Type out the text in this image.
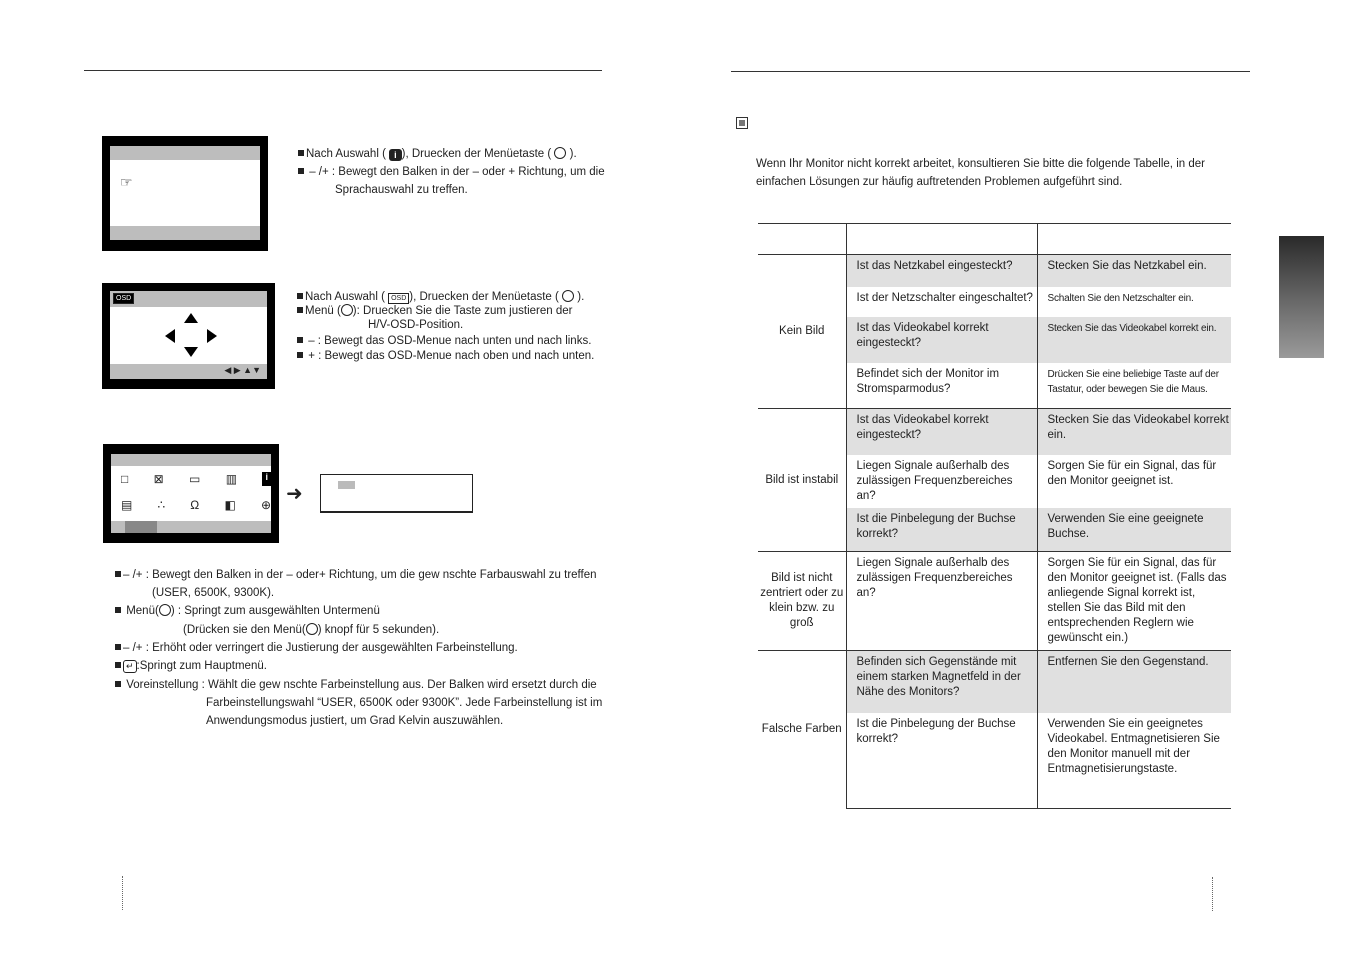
☞
Nach Auswahl ( i ), Druecken der Menüetaste ( ).
– /+ : Bewegt den Balken in der – oder + Richtung, um die
Sprachauswahl zu treffen.
OSD
◀ ▶ ▲▼
Nach Auswahl ( OSD ), Druecken der Menüetaste ( ).
Menü ( ): Druecken Sie die Taste zum justieren der
H/V-OSD-Position.
– : Bewegt das OSD-Menue nach unten und nach links.
+ : Bewegt das OSD-Menue nach oben und nach unten.
□ ⊠ ▭ ▥	i
▤ ∴ Ω ◧ ⊕ ➜
– /+ : Bewegt den Balken in der – oder+ Richtung, um die gew nschte Farbauswahl zu treffen
(USER, 6500K, 9300K).
Menü( ) : Springt zum ausgewählten Untermenü
(Drücken sie den Menü( ) knopf für 5 sekunden).
– /+ : Erhöht oder verringert die Justierung der ausgewählten Farbeinstellung.
↵ :Springt zum Hauptmenü.
Voreinstellung : Wählt die gew nschte Farbeinstellung aus. Der Balken wird ersetzt durch die
Farbeinstellungswahl “USER, 6500K oder 9300K”. Jede Farbeinstellung ist im
Anwendungsmodus justiert, um Grad Kelvin auszuwählen.
Wenn Ihr Monitor nicht korrekt arbeitet, konsultieren Sie bitte die folgende Tabelle, in der
einfachen Lösungen zur häufig auftretenden Problemen aufgeführt sind.

Kein Bild	Ist das Netzkabel eingesteckt?	Stecken Sie das Netzkabel ein.
	Ist der Netzschalter eingeschaltet?	Schalten Sie den Netzschalter ein.
	Ist das Videokabel korrekt eingesteckt?	Stecken Sie das Videokabel korrekt ein.
	Befindet sich der Monitor im Stromsparmodus?	Drücken Sie eine beliebige Taste auf der Tastatur, oder bewegen Sie die Maus.
Bild ist instabil	Ist das Videokabel korrekt eingesteckt?	Stecken Sie das Videokabel korrekt ein.
	Liegen Signale außerhalb des zulässigen Frequenzbereiches an?	Sorgen Sie für ein Signal, das für den Monitor geeignet ist.
	Ist die Pinbelegung der Buchse korrekt?	Verwenden Sie eine geeignete Buchse.
Bild ist nicht zentriert oder zu klein bzw. zu groß	Liegen Signale außerhalb des zulässigen Frequenzbereiches an?	Sorgen Sie für ein Signal, das für den Monitor geeignet ist. (Falls das anliegende Signal korrekt ist, stellen Sie das Bild mit den entsprechenden Reglern wie gewünscht ein.)
Falsche Farben	Befinden sich Gegenstände mit einem starken Magnetfeld in der Nähe des Monitors?	Entfernen Sie den Gegenstand.
	Ist die Pinbelegung der Buchse korrekt?	Verwenden Sie ein geeignetes Videokabel. Entmagnetisieren Sie den Monitor manuell mit der Entmagnetisierungstaste.
